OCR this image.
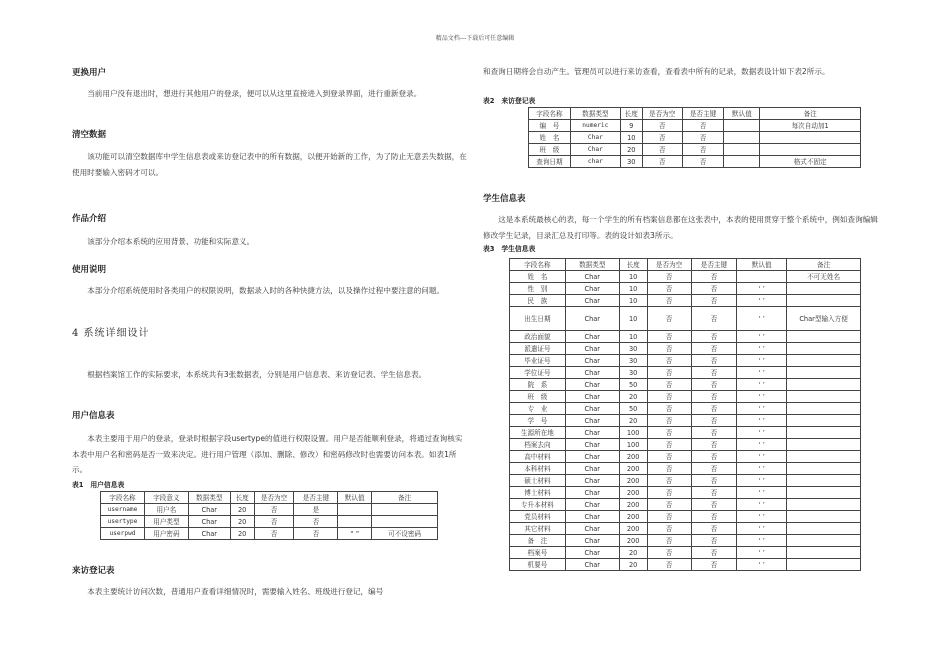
精品文档---下载后可任意编辑
更换用户

当前用户没有退出时，想进行其他用户的登录，便可以从这里直接进入到登录界面，进行重新登录。

清空数据

该功能可以清空数据库中学生信息表或来访登记表中的所有数据，以便开始新的工作，为了防止无意丢失数据，在使用时要输入密码才可以。

作品介绍

该部分介绍本系统的应用背景、功能和实际意义。

使用说明

本部分介绍系统使用时各类用户的权限说明，数据录入时的各种快捷方法，以及操作过程中要注意的问题。

4 系统详细设计

根据档案馆工作的实际要求，本系统共有3张数据表，分别是用户信息表、来访登记表、学生信息表。

用户信息表

本表主要用于用户的登录，登录时根据字段usertype的值进行权限设置。用户是否能顺利登录，将通过查询核实本表中用户名和密码是否一致来决定。进行用户管理（添加、删除、修改）和密码修改时也需要访问本表。如表1所示。

表1　用户信息表
字段名称	字段意义	数据类型	长度	是否为空	是否主键	默认值	备注
username	用户名	Char	20	否	是		
usertype	用户类型	Char	20	否	否		
userpwd	用户密码	Char	20	否	否	“ ”	可不设密码
来访登记表

本表主要统计访问次数，普通用户查看详细情况时，需要输入姓名、班级进行登记，编号

和查询日期将会自动产生。管理员可以进行来访查看，查看表中所有的记录，数据表设计如下表2所示。

表2　来访登记表
字段名称	数据类型	长度	是否为空	是否主键	默认值	备注
编　号	numeric	9	否	否		每次自动加1
姓　名	Char	10	否	否		
班　级	Char	20	否	否		
查询日期	char	30	否	否		格式不固定
学生信息表

这是本系统最核心的表，每一个学生的所有档案信息都在这张表中，本表的使用贯穿于整个系统中，例如查询编辑修改学生记录，目录汇总及打印等。表的设计如表3所示。

表3　学生信息表
字段名称	数据类型	长度	是否为空	是否主键	默认值	备注
姓　名	Char	10	否	否		不可无姓名
性　别	Char	10	否	否	‘ ’	
民　族	Char	10	否	否	‘ ’	
出生日期	Char	10	否	否	‘ ’	Char型输入方便
政治面貌	Char	10	否	否	‘ ’	
派遣证号	Char	30	否	否	‘ ’	
毕业证号	Char	30	否	否	‘ ’	
学位证号	Char	30	否	否	‘ ’	
院　系	Char	50	否	否	‘ ’	
班　级	Char	20	否	否	‘ ’	
专　业	Char	50	否	否	‘ ’	
学　号	Char	20	否	否	‘ ’	
生源所在地	Char	100	否	否	‘ ’	
档案去向	Char	100	否	否	‘ ’	
高中材料	Char	200	否	否	‘ ’	
本科材料	Char	200	否	否	‘ ’	
硕士材料	Char	200	否	否	‘ ’	
博士材料	Char	200	否	否	‘ ’	
专升本材料	Char	200	否	否	‘ ’	
党员材料	Char	200	否	否	‘ ’	
其它材料	Char	200	否	否	‘ ’	
备　注	Char	200	否	否	‘ ’	
档案号	Char	20	否	否	‘ ’	
机要号	Char	20	否	否	‘ ’	
